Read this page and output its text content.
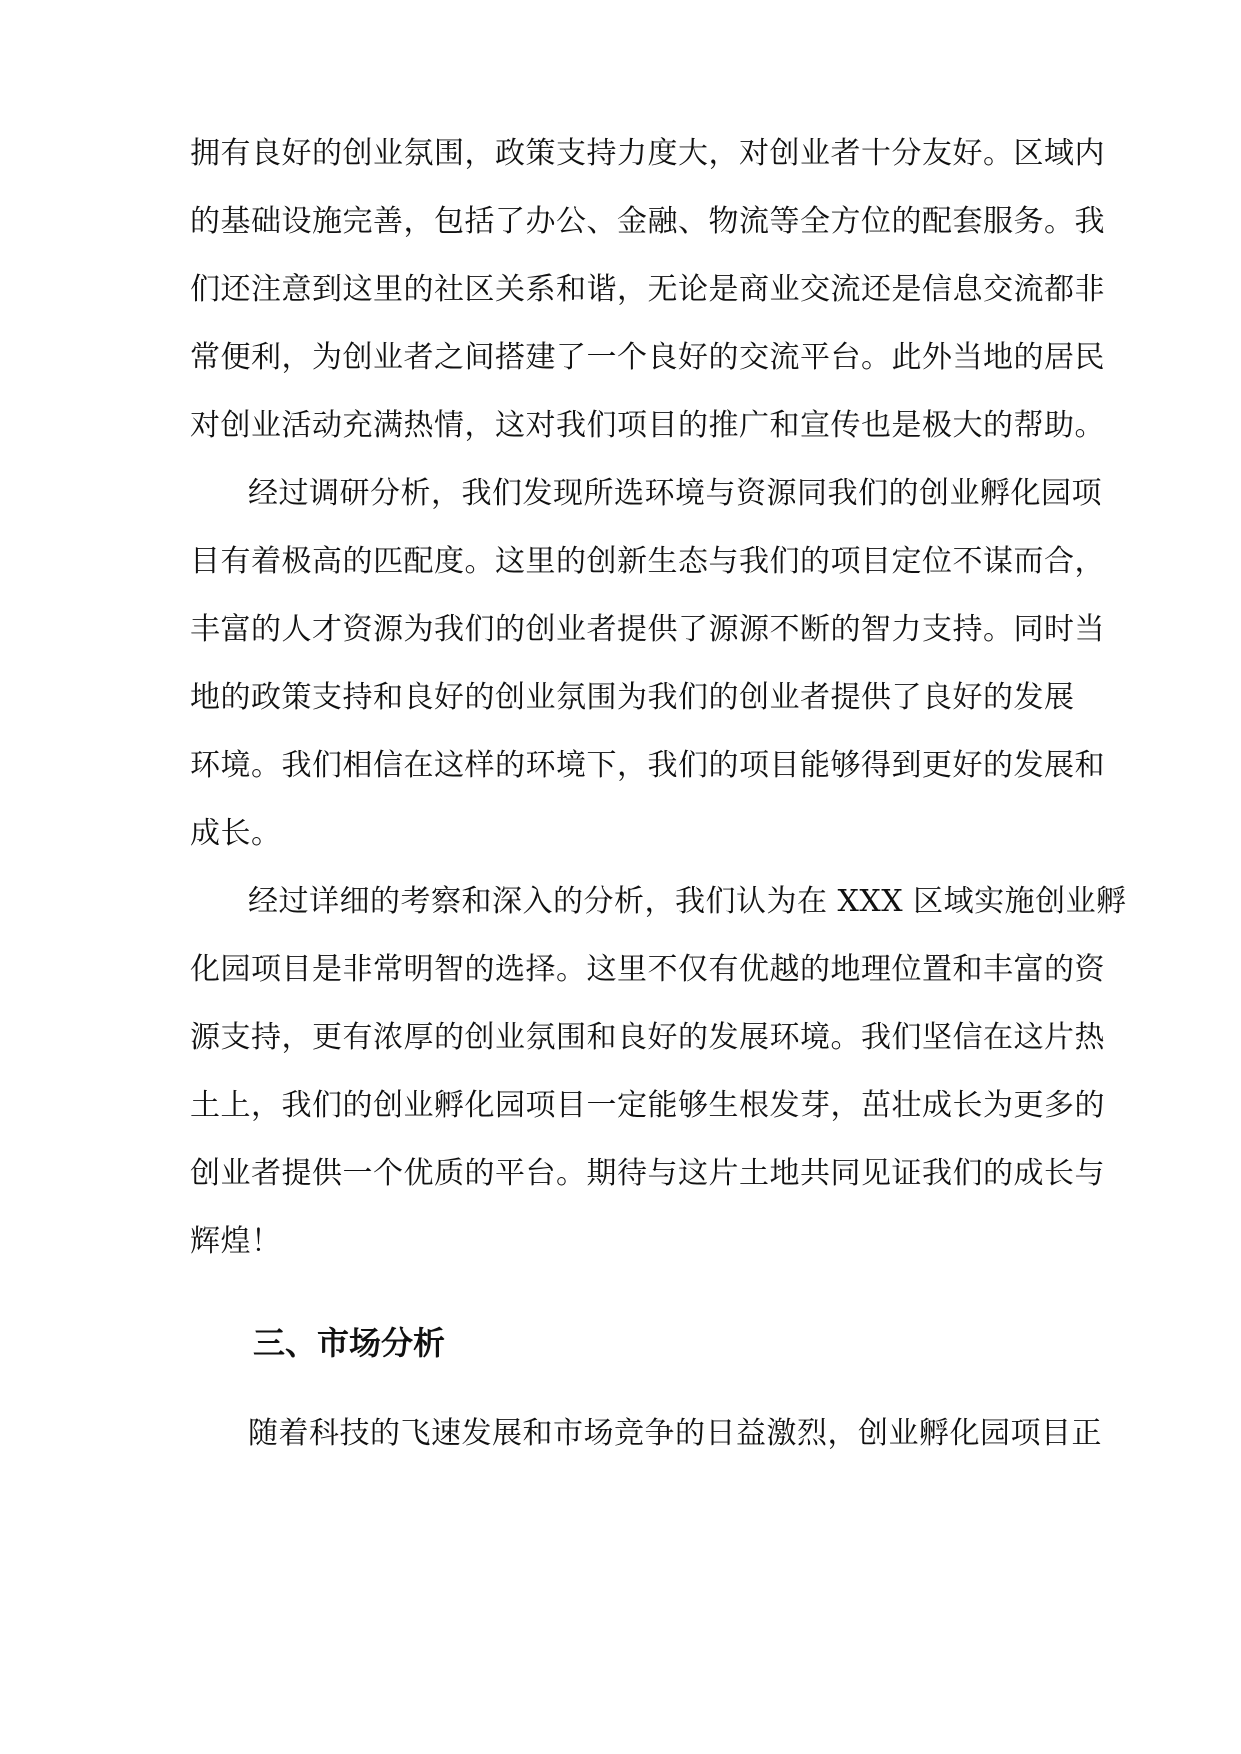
拥有良好的创业氛围，政策支持力度大，对创业者十分友好。区域内
的基础设施完善，包括了办公、金融、物流等全方位的配套服务。我
们还注意到这里的社区关系和谐，无论是商业交流还是信息交流都非
常便利，为创业者之间搭建了一个良好的交流平台。此外当地的居民
对创业活动充满热情，这对我们项目的推广和宣传也是极大的帮助。
经过调研分析，我们发现所选环境与资源同我们的创业孵化园项
目有着极高的匹配度。这里的创新生态与我们的项目定位不谋而合，
丰富的人才资源为我们的创业者提供了源源不断的智力支持。同时当
地的政策支持和良好的创业氛围为我们的创业者提供了良好的发展
环境。我们相信在这样的环境下，我们的项目能够得到更好的发展和
成长。
经过详细的考察和深入的分析，我们认为在 XXX 区域实施创业孵
化园项目是非常明智的选择。这里不仅有优越的地理位置和丰富的资
源支持，更有浓厚的创业氛围和良好的发展环境。我们坚信在这片热
土上，我们的创业孵化园项目一定能够生根发芽，茁壮成长为更多的
创业者提供一个优质的平台。期待与这片土地共同见证我们的成长与
辉煌！
三、市场分析
随着科技的飞速发展和市场竞争的日益激烈，创业孵化园项目正
